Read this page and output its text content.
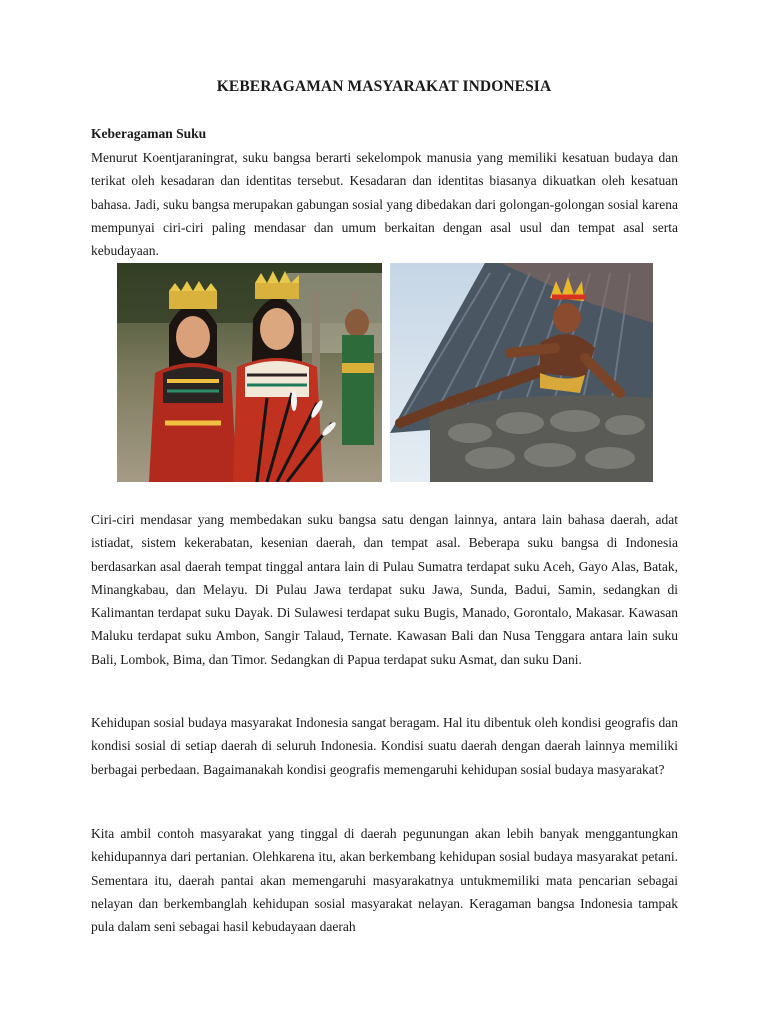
KEBERAGAMAN MASYARAKAT INDONESIA
Keberagaman Suku

Menurut Koentjaraningrat, suku bangsa berarti sekelompok manusia yang memiliki kesatuan budaya dan terikat oleh kesadaran dan identitas tersebut. Kesadaran dan identitas biasanya dikuatkan oleh kesatuan bahasa. Jadi, suku bangsa merupakan gabungan sosial yang dibedakan dari golongan-golongan sosial karena mempunyai ciri-ciri paling mendasar dan umum berkaitan dengan asal usul dan tempat asal serta kebudayaan.

Ciri-ciri mendasar yang membedakan suku bangsa satu dengan lainnya, antara lain bahasa daerah, adat istiadat, sistem kekerabatan, kesenian daerah, dan tempat asal. Beberapa suku bangsa di Indonesia berdasarkan asal daerah tempat tinggal antara lain di Pulau Sumatra terdapat suku Aceh, Gayo Alas, Batak, Minangkabau, dan Melayu. Di Pulau Jawa terdapat suku Jawa, Sunda, Badui, Samin, sedangkan di Kalimantan terdapat suku Dayak. Di Sulawesi terdapat suku Bugis, Manado, Gorontalo, Makasar. Kawasan Maluku terdapat suku Ambon, Sangir Talaud, Ternate. Kawasan Bali dan Nusa Tenggara antara lain suku Bali, Lombok, Bima, dan Timor. Sedangkan di Papua terdapat suku Asmat, dan suku Dani.

Kehidupan sosial budaya masyarakat Indonesia sangat beragam. Hal itu dibentuk oleh kondisi geografis dan kondisi sosial di setiap daerah di seluruh Indonesia. Kondisi suatu daerah dengan daerah lainnya memiliki berbagai perbedaan. Bagaimanakah kondisi geografis memengaruhi kehidupan sosial budaya masyarakat?

Kita ambil contoh masyarakat yang tinggal di daerah pegunungan akan lebih banyak menggantungkan kehidupannya dari pertanian. Olehkarena itu, akan berkembang kehidupan sosial budaya masyarakat petani. Sementara itu, daerah pantai akan memengaruhi masyarakatnya untukmemiliki mata pencarian sebagai nelayan dan berkembanglah kehidupan sosial masyarakat nelayan. Keragaman bangsa Indonesia tampak pula dalam seni sebagai hasil kebudayaan daerah
